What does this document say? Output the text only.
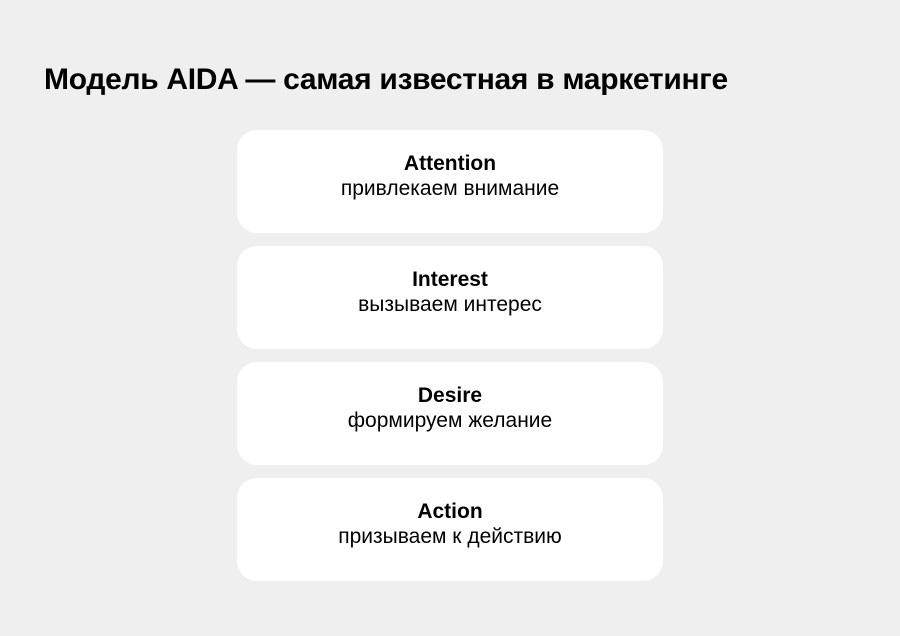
Модель AIDA — самая известная в маркетинге
Attention
привлекаем внимание
Interest
вызываем интерес
Desire
формируем желание
Action
призываем к действию
